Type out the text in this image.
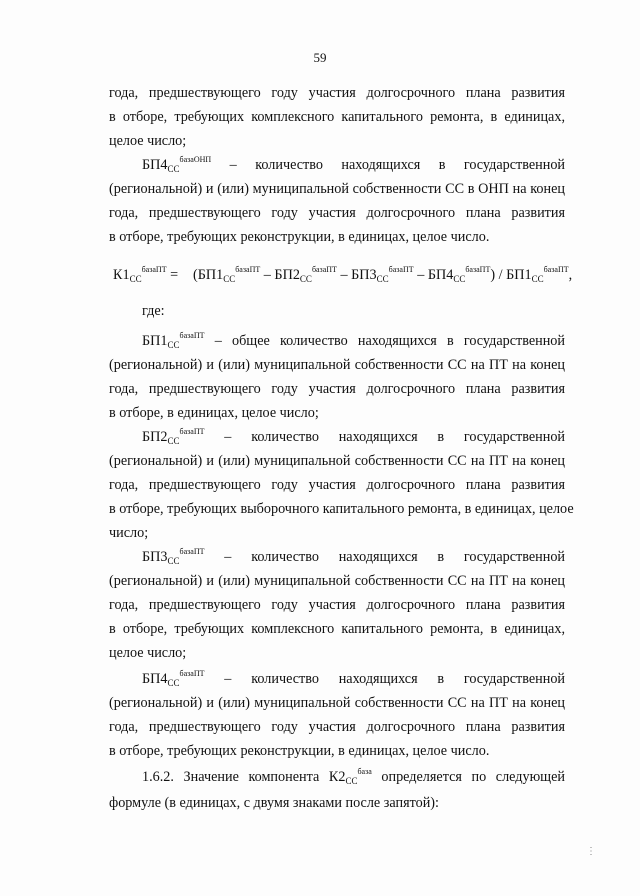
59
года, предшествующего году участия долгосрочного плана развития
в отборе, требующих комплексного капитального ремонта, в единицах,
целое число;
$БП4_{СС}^{базаОНП}$ – количество находящихся в государственной
(региональной) и (или) муниципальной собственности СС в ОНП на конец
года, предшествующего году участия долгосрочного плана развития
в отборе, требующих реконструкции, в единицах, целое число.
$К1_{СС}^{базаПТ} = (БП1_{СС}^{базаПТ} - БП2_{СС}^{базаПТ} - БП3_{СС}^{базаПТ} - БП4_{СС}^{базаПТ}) / БП1_{СС}^{базаПТ}$,
где:
$БП1_{СС}^{базаПТ}$ – общее количество находящихся в государственной
(региональной) и (или) муниципальной собственности СС на ПТ на конец
года, предшествующего году участия долгосрочного плана развития
в отборе, в единицах, целое число;
$БП2_{СС}^{базаПТ}$ – количество находящихся в государственной
(региональной) и (или) муниципальной собственности СС на ПТ на конец
года, предшествующего году участия долгосрочного плана развития
в отборе, требующих выборочного капитального ремонта, в единицах, целое
число;
$БП3_{СС}^{базаПТ}$ – количество находящихся в государственной
(региональной) и (или) муниципальной собственности СС на ПТ на конец
года, предшествующего году участия долгосрочного плана развития
в отборе, требующих комплексного капитального ремонта, в единицах,
целое число;
$БП4_{СС}^{базаПТ}$ – количество находящихся в государственной
(региональной) и (или) муниципальной собственности СС на ПТ на конец
года, предшествующего году участия долгосрочного плана развития
в отборе, требующих реконструкции, в единицах, целое число.
1.6.2. Значение компонента $К2_{СС}^{база}$ определяется по следующей
формуле (в единицах, с двумя знаками после запятой):
⋮
